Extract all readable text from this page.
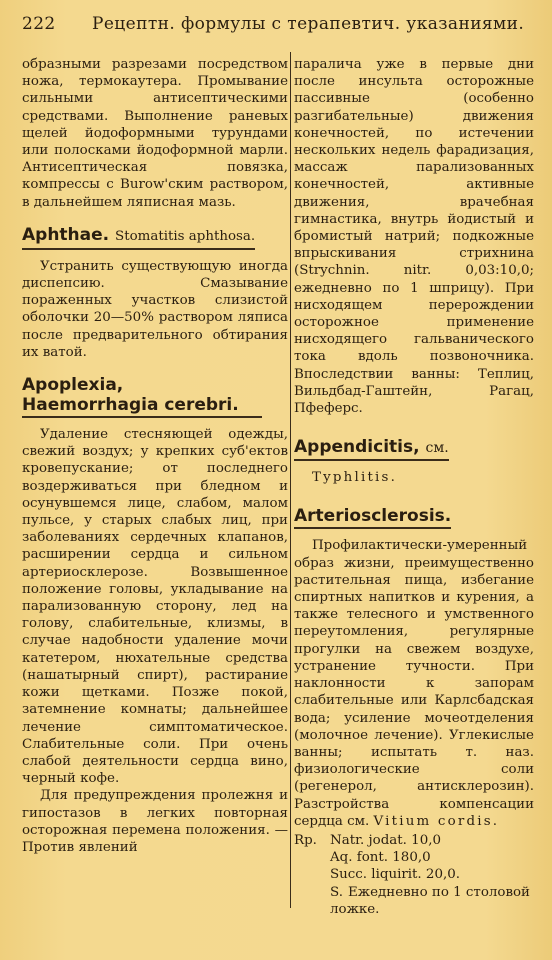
222	Рецептн. формулы с терапевтич. указаниями.

образными разрезами посредством ножа, термокаутера. Промывание сильными антисептическими средствами. Выполнение раневых щелей йодоформными турундами или полосками йодоформной марли. Антисептическая повязка, компрессы с Burow'ским раствором, в дальнейшем ляписная мазь.

Aphthae. Stomatitis aphthosa.

Устранить существующую иногда диспепсию. Смазывание пораженных участков слизистой оболочки 20—50% раствором ляписа после предварительного обтирания их ватой.

Apoplexia, Haemorrhagia cerebri.

Удаление стесняющей одежды, свежий воздух; у крепких суб'ектов кровепускание; от последнего воздерживаться при бледном и осунувшемся лице, слабом, малом пульсе, у старых слабых лиц, при заболеваниях сердечных клапанов, расширении сердца и сильном артериосклерозе. Возвышенное положение головы, укладывание на парализованную сторону, лед на голову, слабительные, клизмы, в случае надобности удаление мочи катетером, нюхательные средства (нашатырный спирт), растирание кожи щетками. Позже покой, затемнение комнаты; дальнейшее лечение симптоматическое. Слабительные соли. При очень слабой деятельности сердца вино, черный кофе.

Для предупреждения пролежня и гипостазов в легких повторная осторожная перемена положения. — Против явлений

паралича уже в первые дни после инсульта осторожные пассивные (особенно разгибательные) движения конечностей, по истечении нескольких недель фарадизация, массаж парализованных конечностей, активные движения, врачебная гимнастика, внутрь йодистый и бромистый натрий; подкожные впрыскивания стрихнина (Strychnin. nitr. 0,03:10,0; ежедневно по 1 шприцу). При нисходящем перерождении осторожное применение нисходящего гальванического тока вдоль позвоночника. Впоследствии ванны: Теплиц, Вильдбад-Гаштейн, Рагац, Пфеферс.

Appendicitis, см.

Typhlitis.

Arteriosclerosis.

Профилактически-умеренный образ жизни, преимущественно растительная пища, избегание спиртных напитков и курения, а также телесного и умственного переутомления, регулярные прогулки на свежем воздухе, устранение тучности. При наклонности к запорам слабительные или Карлсбадская вода; усиление мочеотделения (молочное лечение). Углекислые ванны; испытать т. наз. физиологические соли (регенерол, антисклерозин). Разстройства компенсации сердца см. Vitium cordis.

Rp. Natr. jodat. 10,0
Aq. font. 180,0
Succ. liquirit. 20,0.
S. Ежедневно по 1 столовой ложке.
